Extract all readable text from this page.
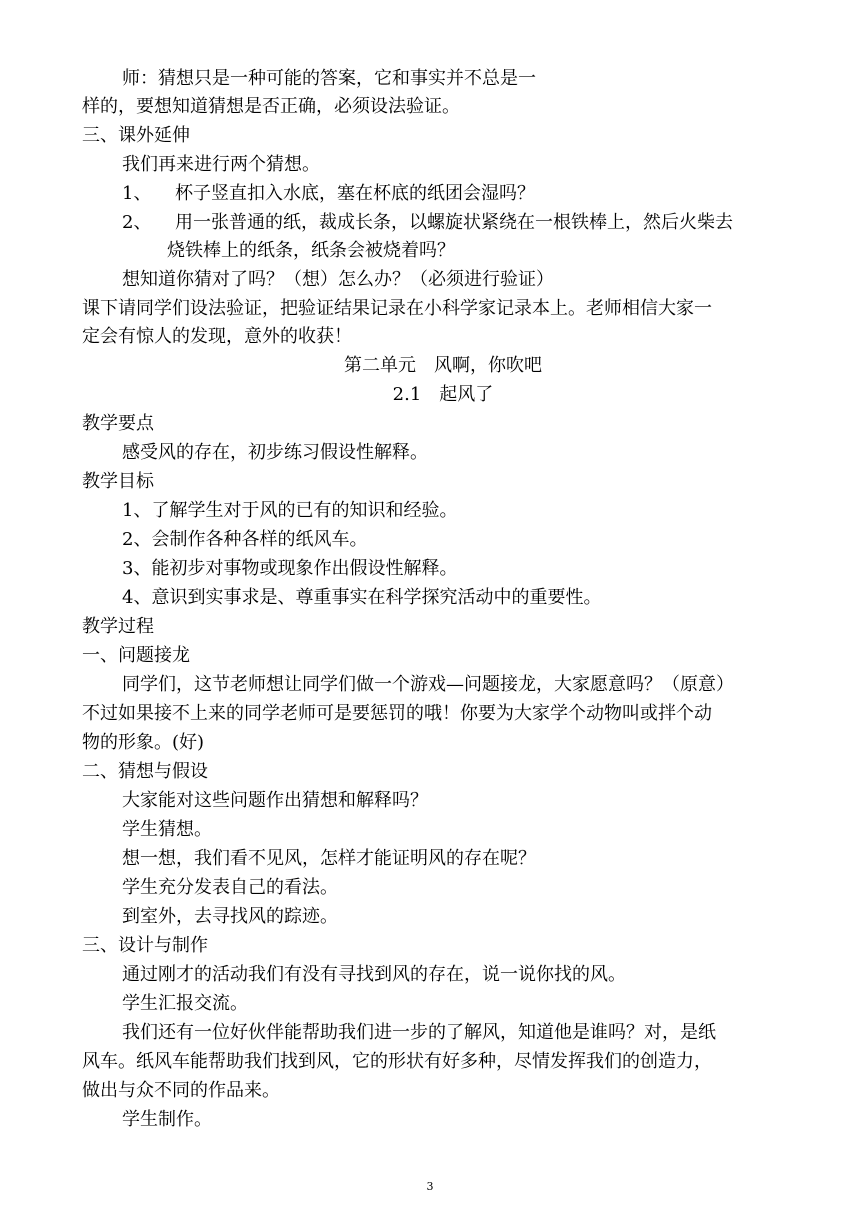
师：猜想只是一种可能的答案，它和事实并不总是一
样的，要想知道猜想是否正确，必须设法验证。
三、课外延伸
我们再来进行两个猜想。
1、 杯子竖直扣入水底，塞在杯底的纸团会湿吗？
2、 用一张普通的纸，裁成长条，以螺旋状紧绕在一根铁棒上，然后火柴去
烧铁棒上的纸条，纸条会被烧着吗？
想知道你猜对了吗？（想）怎么办？（必须进行验证）
课下请同学们设法验证，把验证结果记录在小科学家记录本上。老师相信大家一
定会有惊人的发现，意外的收获！
第二单元　风啊，你吹吧
2.1　起风了
教学要点
感受风的存在，初步练习假设性解释。
教学目标
1、了解学生对于风的已有的知识和经验。
2、会制作各种各样的纸风车。
3、能初步对事物或现象作出假设性解释。
4、意识到实事求是、尊重事实在科学探究活动中的重要性。
教学过程
一、问题接龙
同学们，这节老师想让同学们做一个游戏—问题接龙，大家愿意吗？（原意）
不过如果接不上来的同学老师可是要惩罚的哦！你要为大家学个动物叫或拌个动
物的形象。(好)
二、猜想与假设
大家能对这些问题作出猜想和解释吗？
学生猜想。
想一想，我们看不见风，怎样才能证明风的存在呢？
学生充分发表自己的看法。
到室外，去寻找风的踪迹。
三、设计与制作
通过刚才的活动我们有没有寻找到风的存在，说一说你找的风。
学生汇报交流。
我们还有一位好伙伴能帮助我们进一步的了解风，知道他是谁吗？对，是纸
风车。纸风车能帮助我们找到风，它的形状有好多种，尽情发挥我们的创造力，
做出与众不同的作品来。
学生制作。
3
